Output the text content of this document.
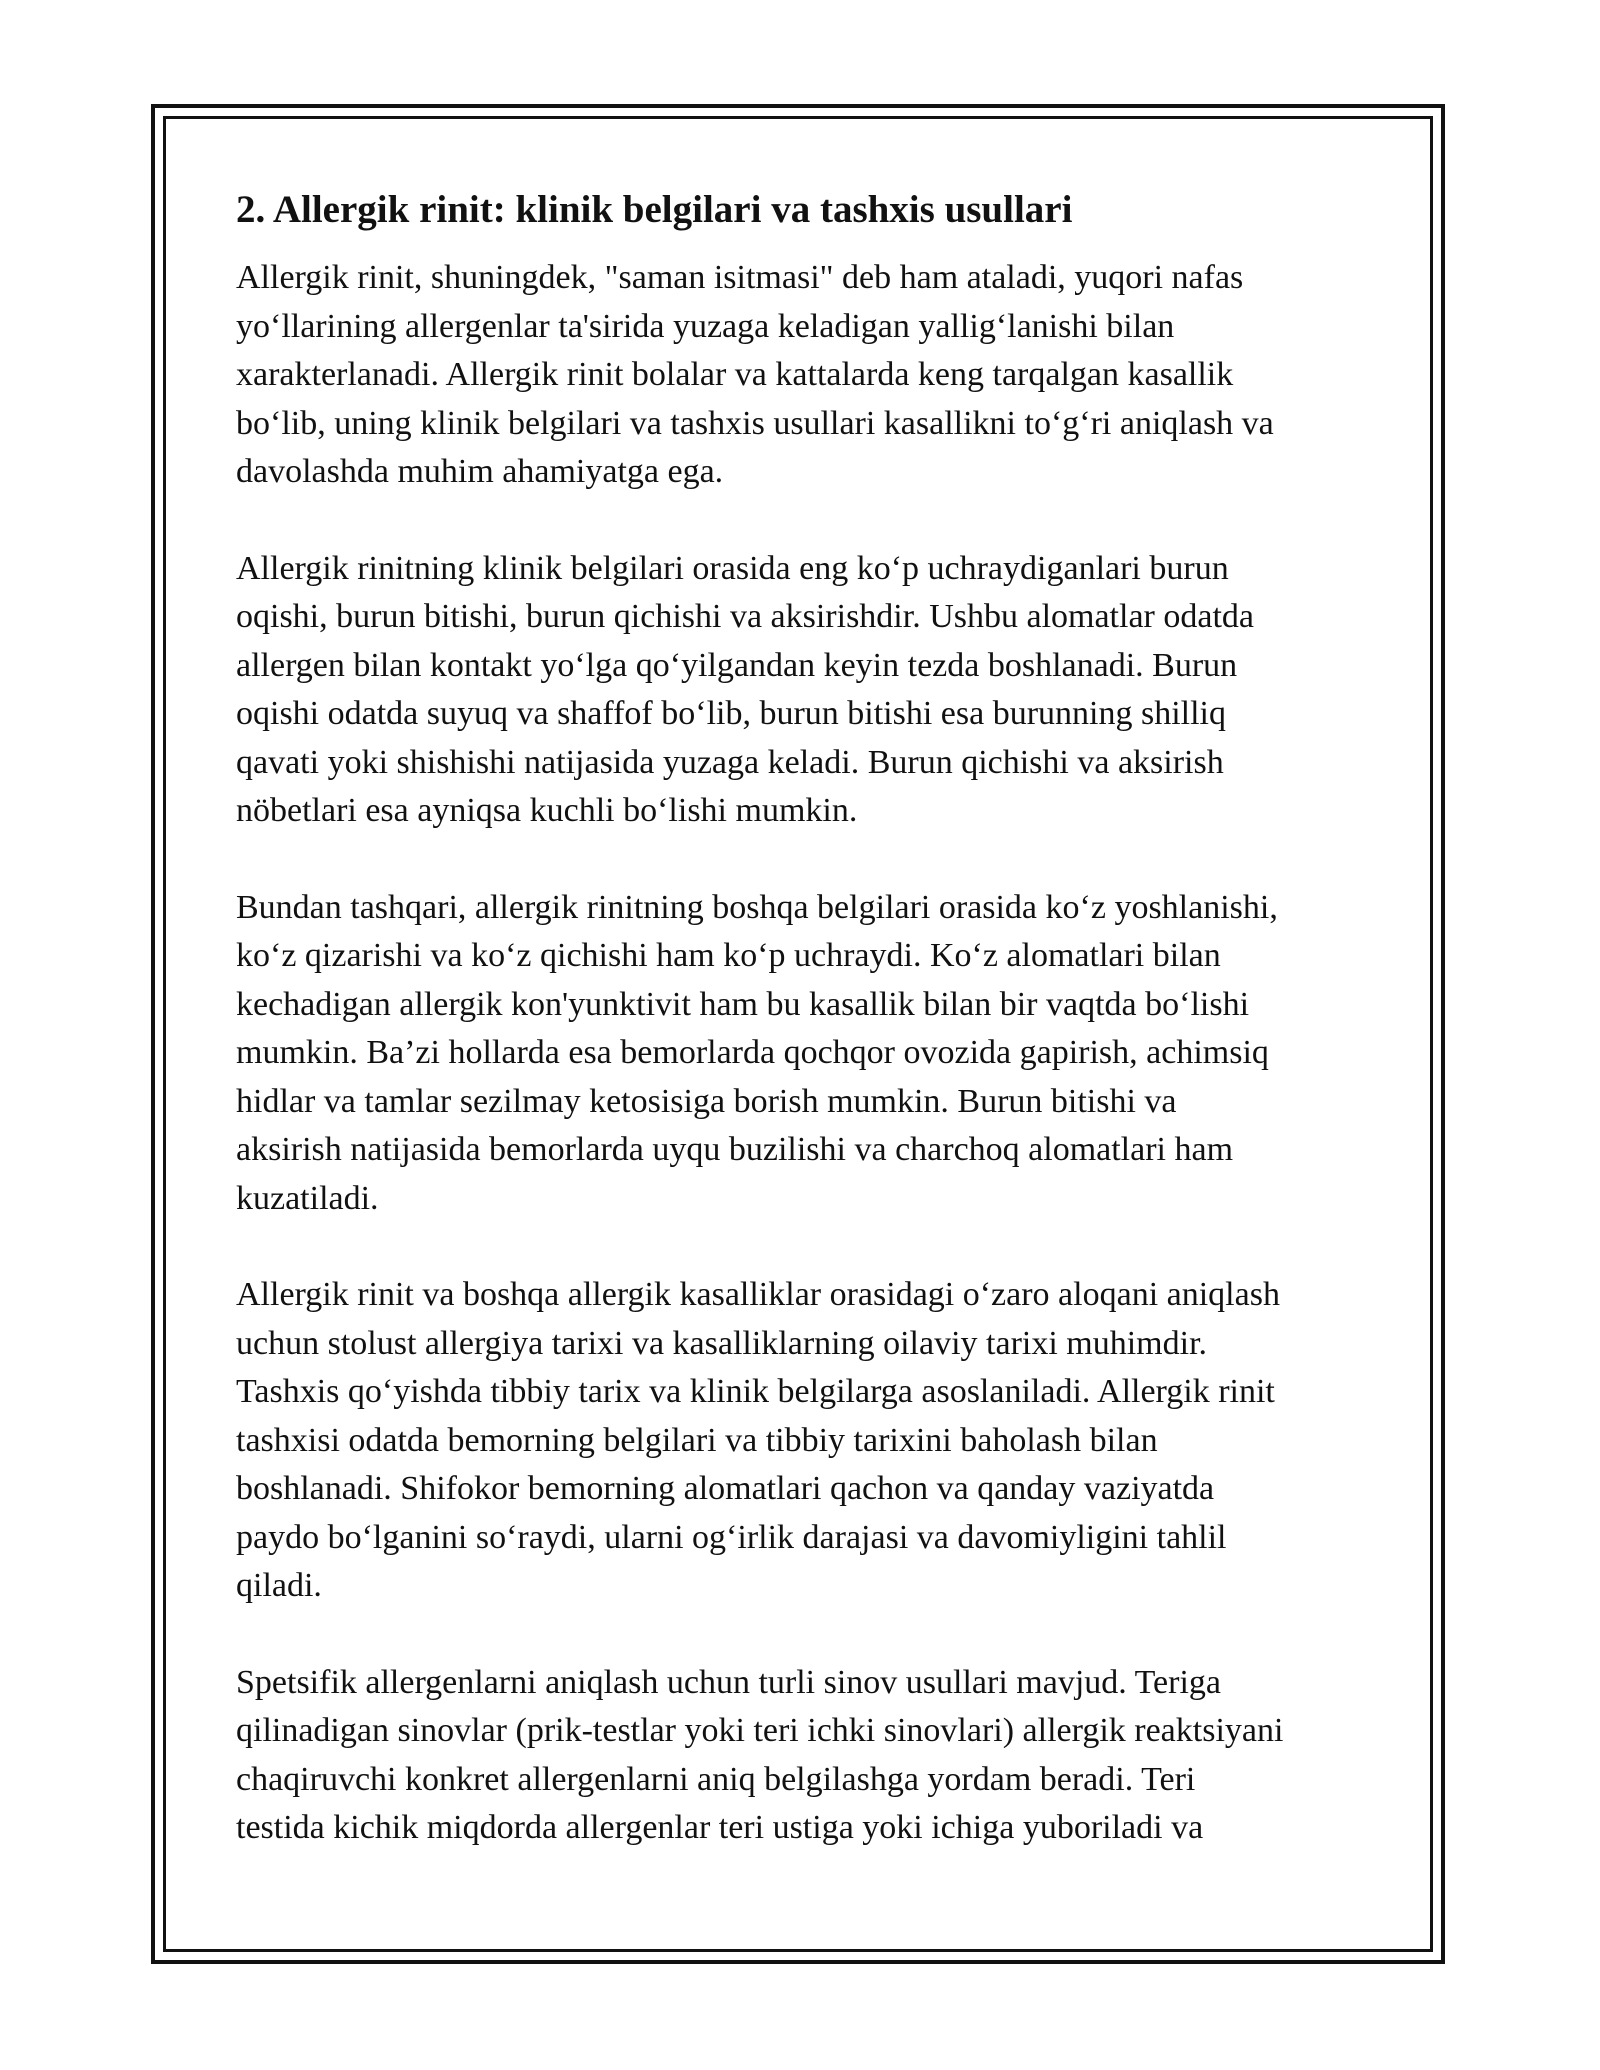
2. Allergik rinit: klinik belgilari va tashxis usullari
Allergik rinit, shuningdek, "saman isitmasi" deb ham ataladi, yuqori nafas
yo‘llarining allergenlar ta'sirida yuzaga keladigan yallig‘lanishi bilan
xarakterlanadi. Allergik rinit bolalar va kattalarda keng tarqalgan kasallik
bo‘lib, uning klinik belgilari va tashxis usullari kasallikni to‘g‘ri aniqlash va
davolashda muhim ahamiyatga ega.
Allergik rinitning klinik belgilari orasida eng ko‘p uchraydiganlari burun
oqishi, burun bitishi, burun qichishi va aksirishdir. Ushbu alomatlar odatda
allergen bilan kontakt yo‘lga qo‘yilgandan keyin tezda boshlanadi. Burun
oqishi odatda suyuq va shaffof bo‘lib, burun bitishi esa burunning shilliq
qavati yoki shishishi natijasida yuzaga keladi. Burun qichishi va aksirish
nöbetlari esa ayniqsa kuchli bo‘lishi mumkin.
Bundan tashqari, allergik rinitning boshqa belgilari orasida ko‘z yoshlanishi,
ko‘z qizarishi va ko‘z qichishi ham ko‘p uchraydi. Ko‘z alomatlari bilan
kechadigan allergik kon'yunktivit ham bu kasallik bilan bir vaqtda bo‘lishi
mumkin. Ba’zi hollarda esa bemorlarda qochqor ovozida gapirish, achimsiq
hidlar va tamlar sezilmay ketosisiga borish mumkin. Burun bitishi va
aksirish natijasida bemorlarda uyqu buzilishi va charchoq alomatlari ham
kuzatiladi.
Allergik rinit va boshqa allergik kasalliklar orasidagi o‘zaro aloqani aniqlash
uchun stolust allergiya tarixi va kasalliklarning oilaviy tarixi muhimdir.
Tashxis qo‘yishda tibbiy tarix va klinik belgilarga asoslaniladi. Allergik rinit
tashxisi odatda bemorning belgilari va tibbiy tarixini baholash bilan
boshlanadi. Shifokor bemorning alomatlari qachon va qanday vaziyatda
paydo bo‘lganini so‘raydi, ularni og‘irlik darajasi va davomiyligini tahlil
qiladi.
Spetsifik allergenlarni aniqlash uchun turli sinov usullari mavjud. Teriga
qilinadigan sinovlar (prik-testlar yoki teri ichki sinovlari) allergik reaktsiyani
chaqiruvchi konkret allergenlarni aniq belgilashga yordam beradi. Teri
testida kichik miqdorda allergenlar teri ustiga yoki ichiga yuboriladi va
